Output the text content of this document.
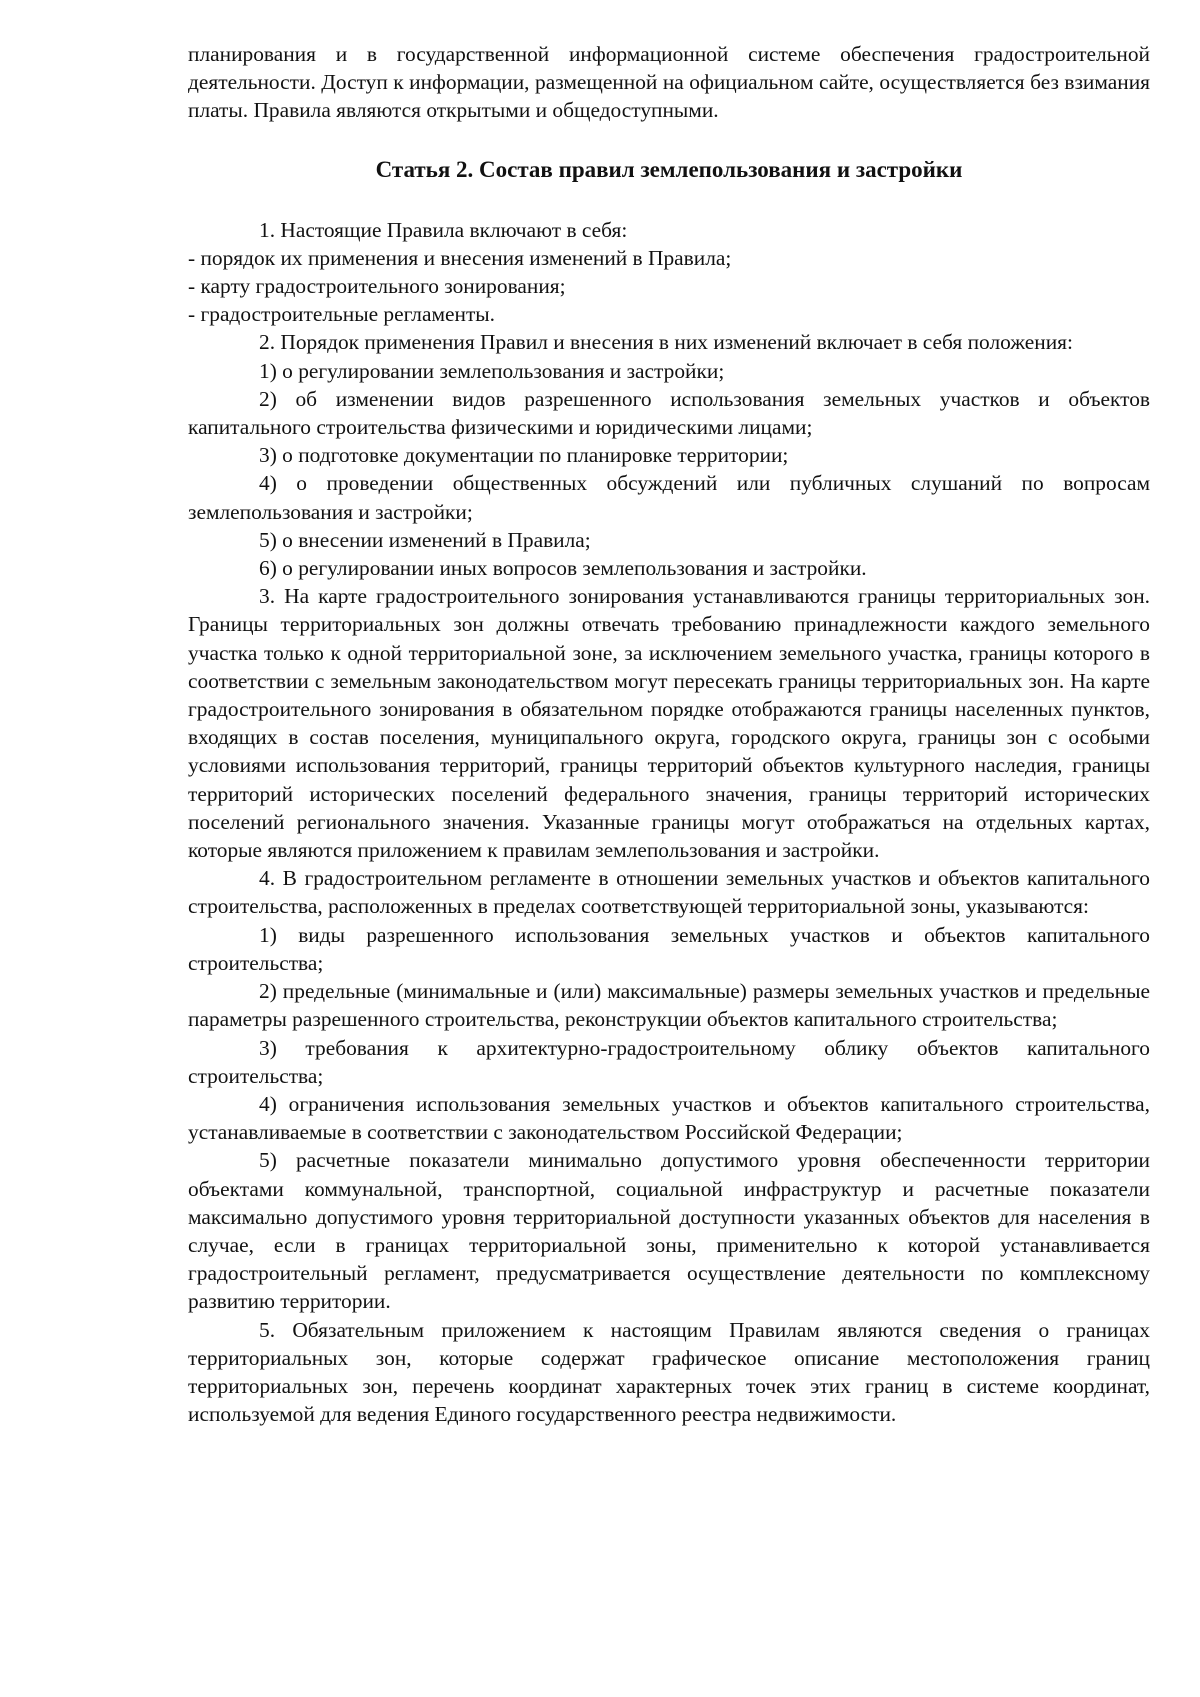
планирования и в государственной информационной системе обеспечения градостроительной деятельности. Доступ к информации, размещенной на официальном сайте, осуществляется без взимания платы. Правила являются открытыми и общедоступными.

Статья 2. Состав правил землепользования и застройки

1. Настоящие Правила включают в себя:

- порядок их применения и внесения изменений в Правила;

- карту градостроительного зонирования;

- градостроительные регламенты.

2. Порядок применения Правил и внесения в них изменений включает в себя положения:

1) о регулировании землепользования и застройки;

2) об изменении видов разрешенного использования земельных участков и объектов капитального строительства физическими и юридическими лицами;

3) о подготовке документации по планировке территории;

4) о проведении общественных обсуждений или публичных слушаний по вопросам землепользования и застройки;

5) о внесении изменений в Правила;

6) о регулировании иных вопросов землепользования и застройки.

3. На карте градостроительного зонирования устанавливаются границы территориальных зон. Границы территориальных зон должны отвечать требованию принадлежности каждого земельного участка только к одной территориальной зоне, за исключением земельного участка, границы которого в соответствии с земельным законодательством могут пересекать границы территориальных зон. На карте градостроительного зонирования в обязательном порядке отображаются границы населенных пунктов, входящих в состав поселения, муниципального округа, городского округа, границы зон с особыми условиями использования территорий, границы территорий объектов культурного наследия, границы территорий исторических поселений федерального значения, границы территорий исторических поселений регионального значения. Указанные границы могут отображаться на отдельных картах, которые являются приложением к правилам землепользования и застройки.

4. В градостроительном регламенте в отношении земельных участков и объектов капитального строительства, расположенных в пределах соответствующей территориальной зоны, указываются:

1) виды разрешенного использования земельных участков и объектов капитального строительства;

2) предельные (минимальные и (или) максимальные) размеры земельных участков и предельные параметры разрешенного строительства, реконструкции объектов капитального строительства;

3) требования к архитектурно-градостроительному облику объектов капитального строительства;

4) ограничения использования земельных участков и объектов капитального строительства, устанавливаемые в соответствии с законодательством Российской Федерации;

5) расчетные показатели минимально допустимого уровня обеспеченности территории объектами коммунальной, транспортной, социальной инфраструктур и расчетные показатели максимально допустимого уровня территориальной доступности указанных объектов для населения в случае, если в границах территориальной зоны, применительно к которой устанавливается градостроительный регламент, предусматривается осуществление деятельности по комплексному развитию территории.

5. Обязательным приложением к настоящим Правилам являются сведения о границах территориальных зон, которые содержат графическое описание местоположения границ территориальных зон, перечень координат характерных точек этих границ в системе координат, используемой для ведения Единого государственного реестра недвижимости.
